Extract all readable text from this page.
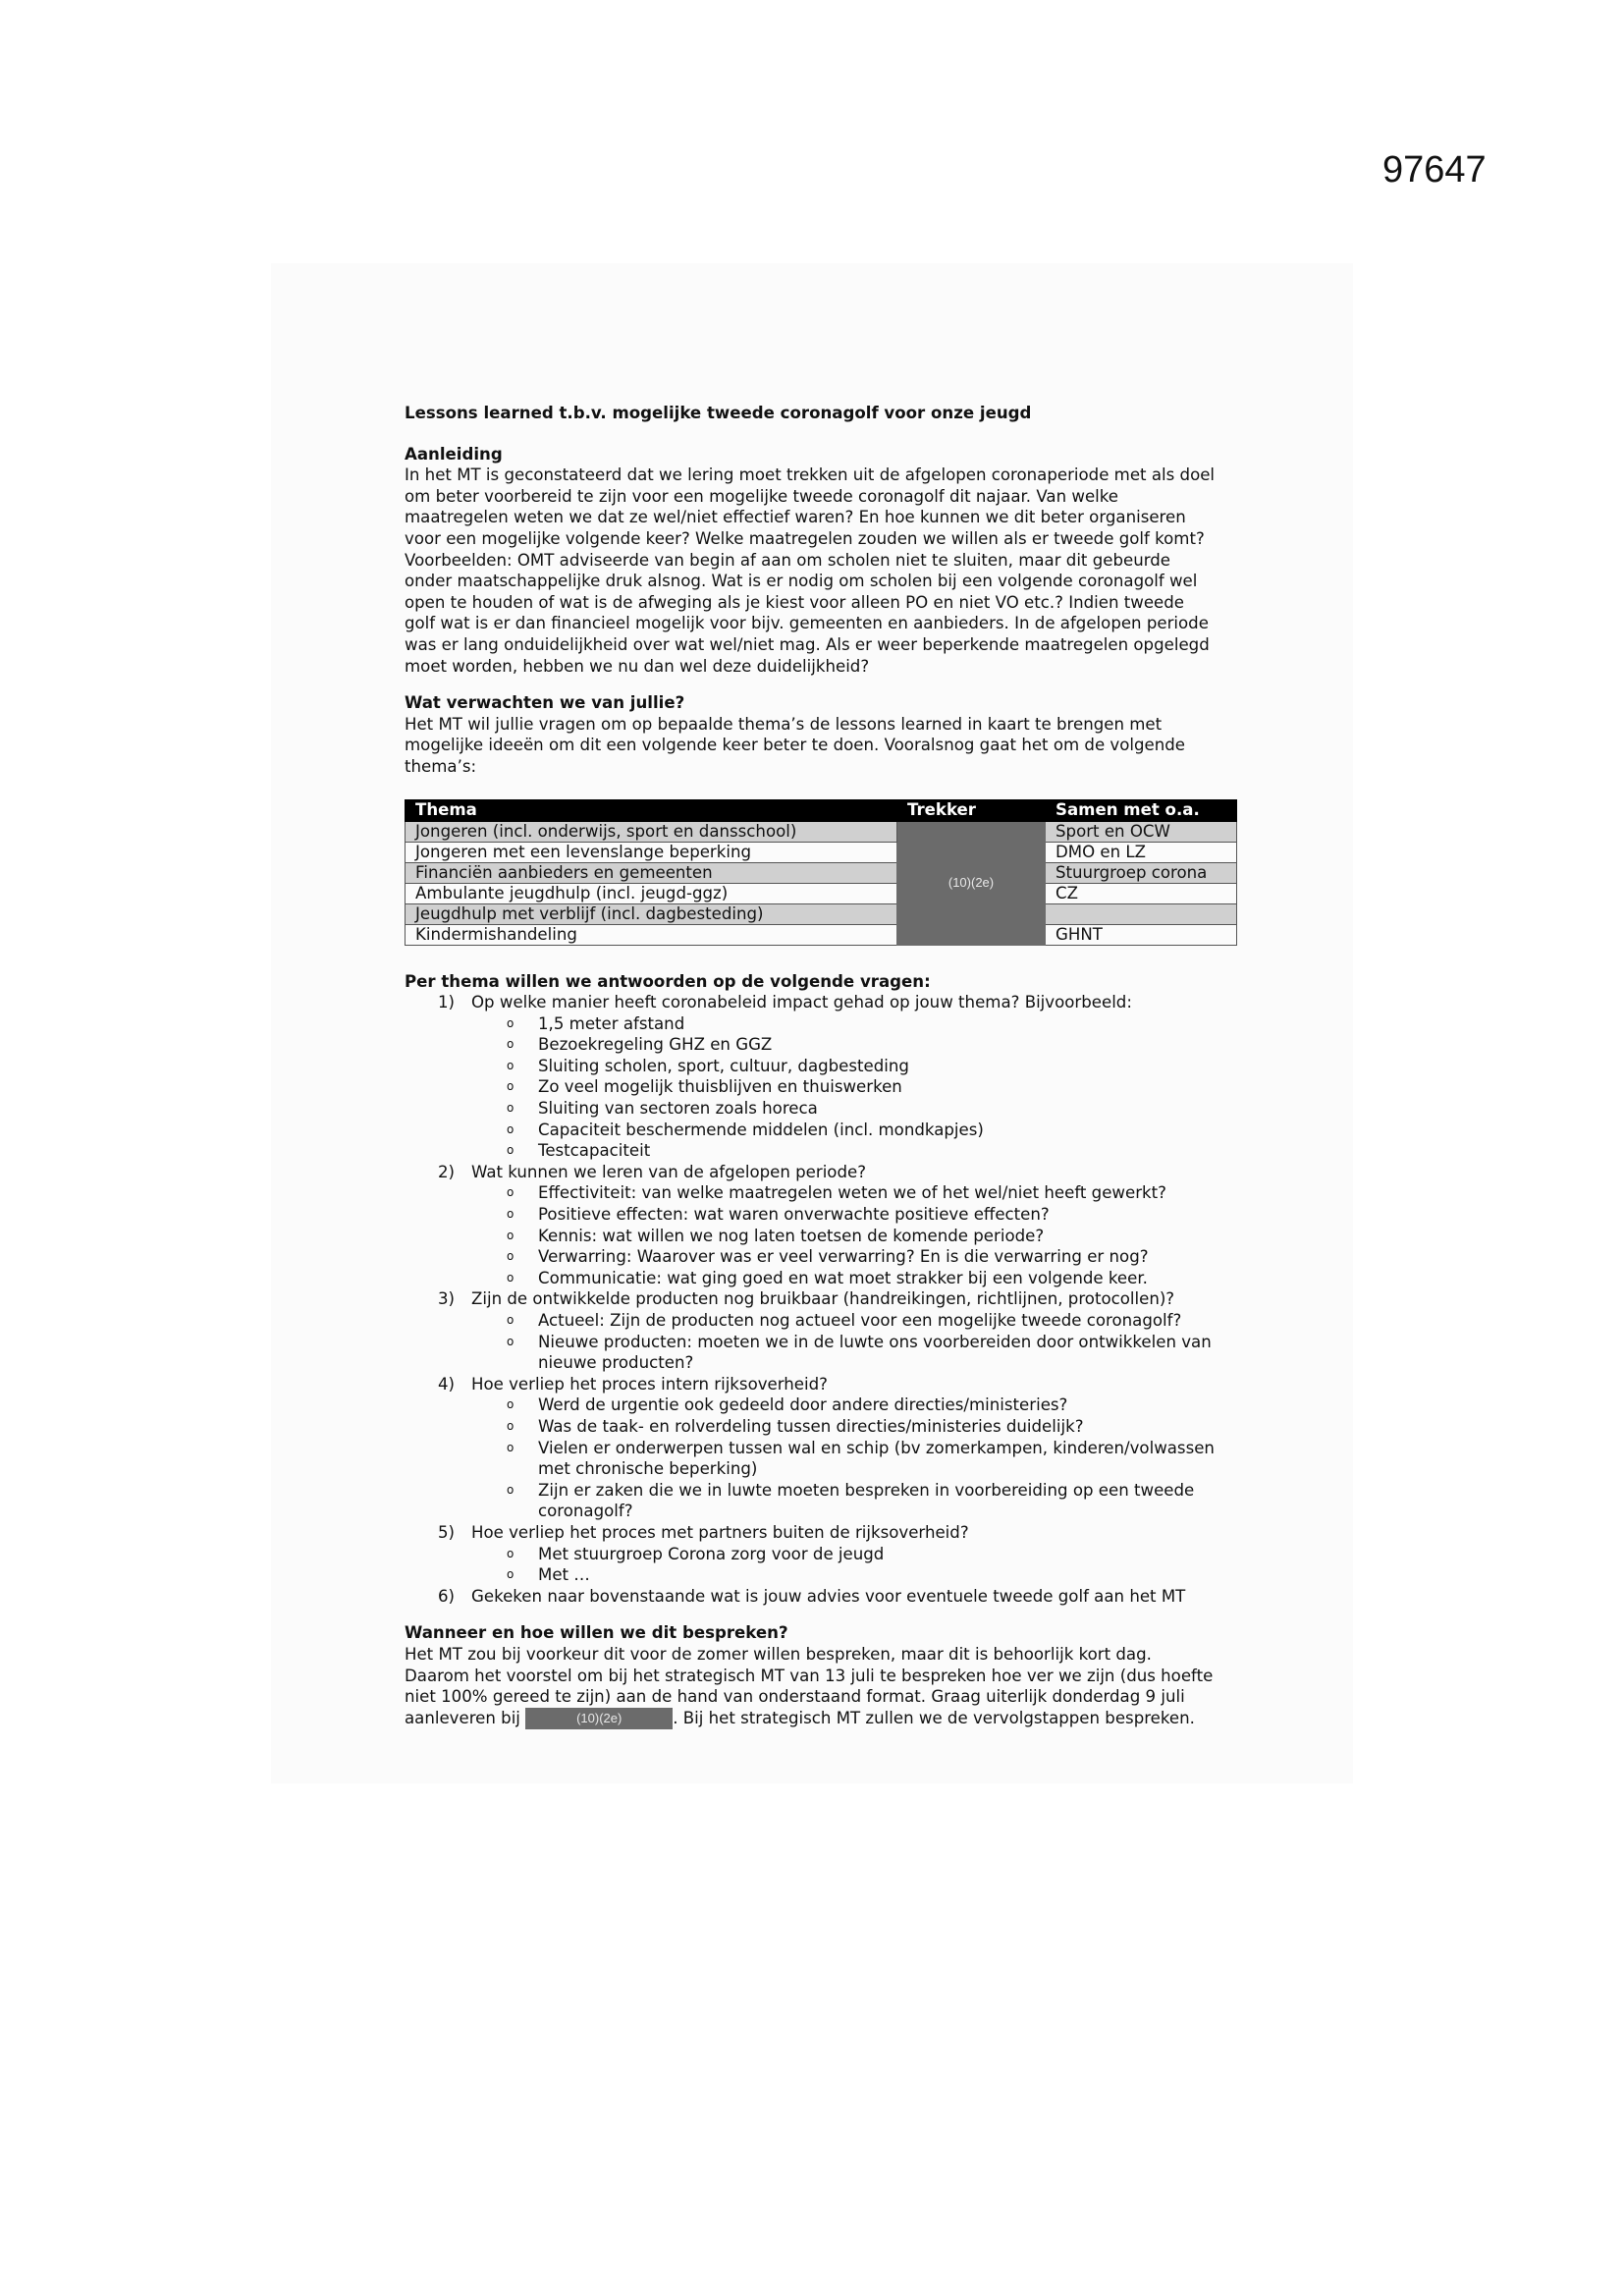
97647
Lessons learned t.b.v. mogelijke tweede coronagolf voor onze jeugd
Aanleiding

In het MT is geconstateerd dat we lering moet trekken uit de afgelopen coronaperiode met als doel

om beter voorbereid te zijn voor een mogelijke tweede coronagolf dit najaar. Van welke

maatregelen weten we dat ze wel/niet effectief waren? En hoe kunnen we dit beter organiseren

voor een mogelijke volgende keer? Welke maatregelen zouden we willen als er tweede golf komt?

Voorbeelden: OMT adviseerde van begin af aan om scholen niet te sluiten, maar dit gebeurde

onder maatschappelijke druk alsnog. Wat is er nodig om scholen bij een volgende coronagolf wel

open te houden of wat is de afweging als je kiest voor alleen PO en niet VO etc.? Indien tweede

golf wat is er dan financieel mogelijk voor bijv. gemeenten en aanbieders. In de afgelopen periode

was er lang onduidelijkheid over wat wel/niet mag. Als er weer beperkende maatregelen opgelegd

moet worden, hebben we nu dan wel deze duidelijkheid?

Wat verwachten we van jullie?

Het MT wil jullie vragen om op bepaalde thema’s de lessons learned in kaart te brengen met

mogelijke ideeën om dit een volgende keer beter te doen. Vooralsnog gaat het om de volgende

thema’s:

Thema	Trekker	Samen met o.a.
Jongeren (incl. onderwijs, sport en dansschool)	(10)(2e)	Sport en OCW
Jongeren met een levenslange beperking		DMO en LZ
Financiën aanbieders en gemeenten		Stuurgroep corona
Ambulante jeugdhulp (incl. jeugd-ggz)		CZ
Jeugdhulp met verblijf (incl. dagbesteding)		
Kindermishandeling		GHNT
Per thema willen we antwoorden op de volgende vragen:
1) Op welke manier heeft coronabeleid impact gehad op jouw thema? Bijvoorbeeld:
o 1,5 meter afstand
o Bezoekregeling GHZ en GGZ
o Sluiting scholen, sport, cultuur, dagbesteding
o Zo veel mogelijk thuisblijven en thuiswerken
o Sluiting van sectoren zoals horeca
o Capaciteit beschermende middelen (incl. mondkapjes)
o Testcapaciteit
2) Wat kunnen we leren van de afgelopen periode?
o Effectiviteit: van welke maatregelen weten we of het wel/niet heeft gewerkt?
o Positieve effecten: wat waren onverwachte positieve effecten?
o Kennis: wat willen we nog laten toetsen de komende periode?
o Verwarring: Waarover was er veel verwarring? En is die verwarring er nog?
o Communicatie: wat ging goed en wat moet strakker bij een volgende keer.
3) Zijn de ontwikkelde producten nog bruikbaar (handreikingen, richtlijnen, protocollen)?
o Actueel: Zijn de producten nog actueel voor een mogelijke tweede coronagolf?
o Nieuwe producten: moeten we in de luwte ons voorbereiden door ontwikkelen van nieuwe producten?
4) Hoe verliep het proces intern rijksoverheid?
o Werd de urgentie ook gedeeld door andere directies/ministeries?
o Was de taak- en rolverdeling tussen directies/ministeries duidelijk?
o Vielen er onderwerpen tussen wal en schip (bv zomerkampen, kinderen/volwassen met chronische beperking)
o Zijn er zaken die we in luwte moeten bespreken in voorbereiding op een tweede coronagolf?
5) Hoe verliep het proces met partners buiten de rijksoverheid?
o Met stuurgroep Corona zorg voor de jeugd
o Met …
6) Gekeken naar bovenstaande wat is jouw advies voor eventuele tweede golf aan het MT
Wanneer en hoe willen we dit bespreken?

Het MT zou bij voorkeur dit voor de zomer willen bespreken, maar dit is behoorlijk kort dag.

Daarom het voorstel om bij het strategisch MT van 13 juli te bespreken hoe ver we zijn (dus hoefte

niet 100% gereed te zijn) aan de hand van onderstaand format. Graag uiterlijk donderdag 9 juli

aanleveren bij	(10)(2e)	. Bij het strategisch MT zullen we de vervolgstappen bespreken.
